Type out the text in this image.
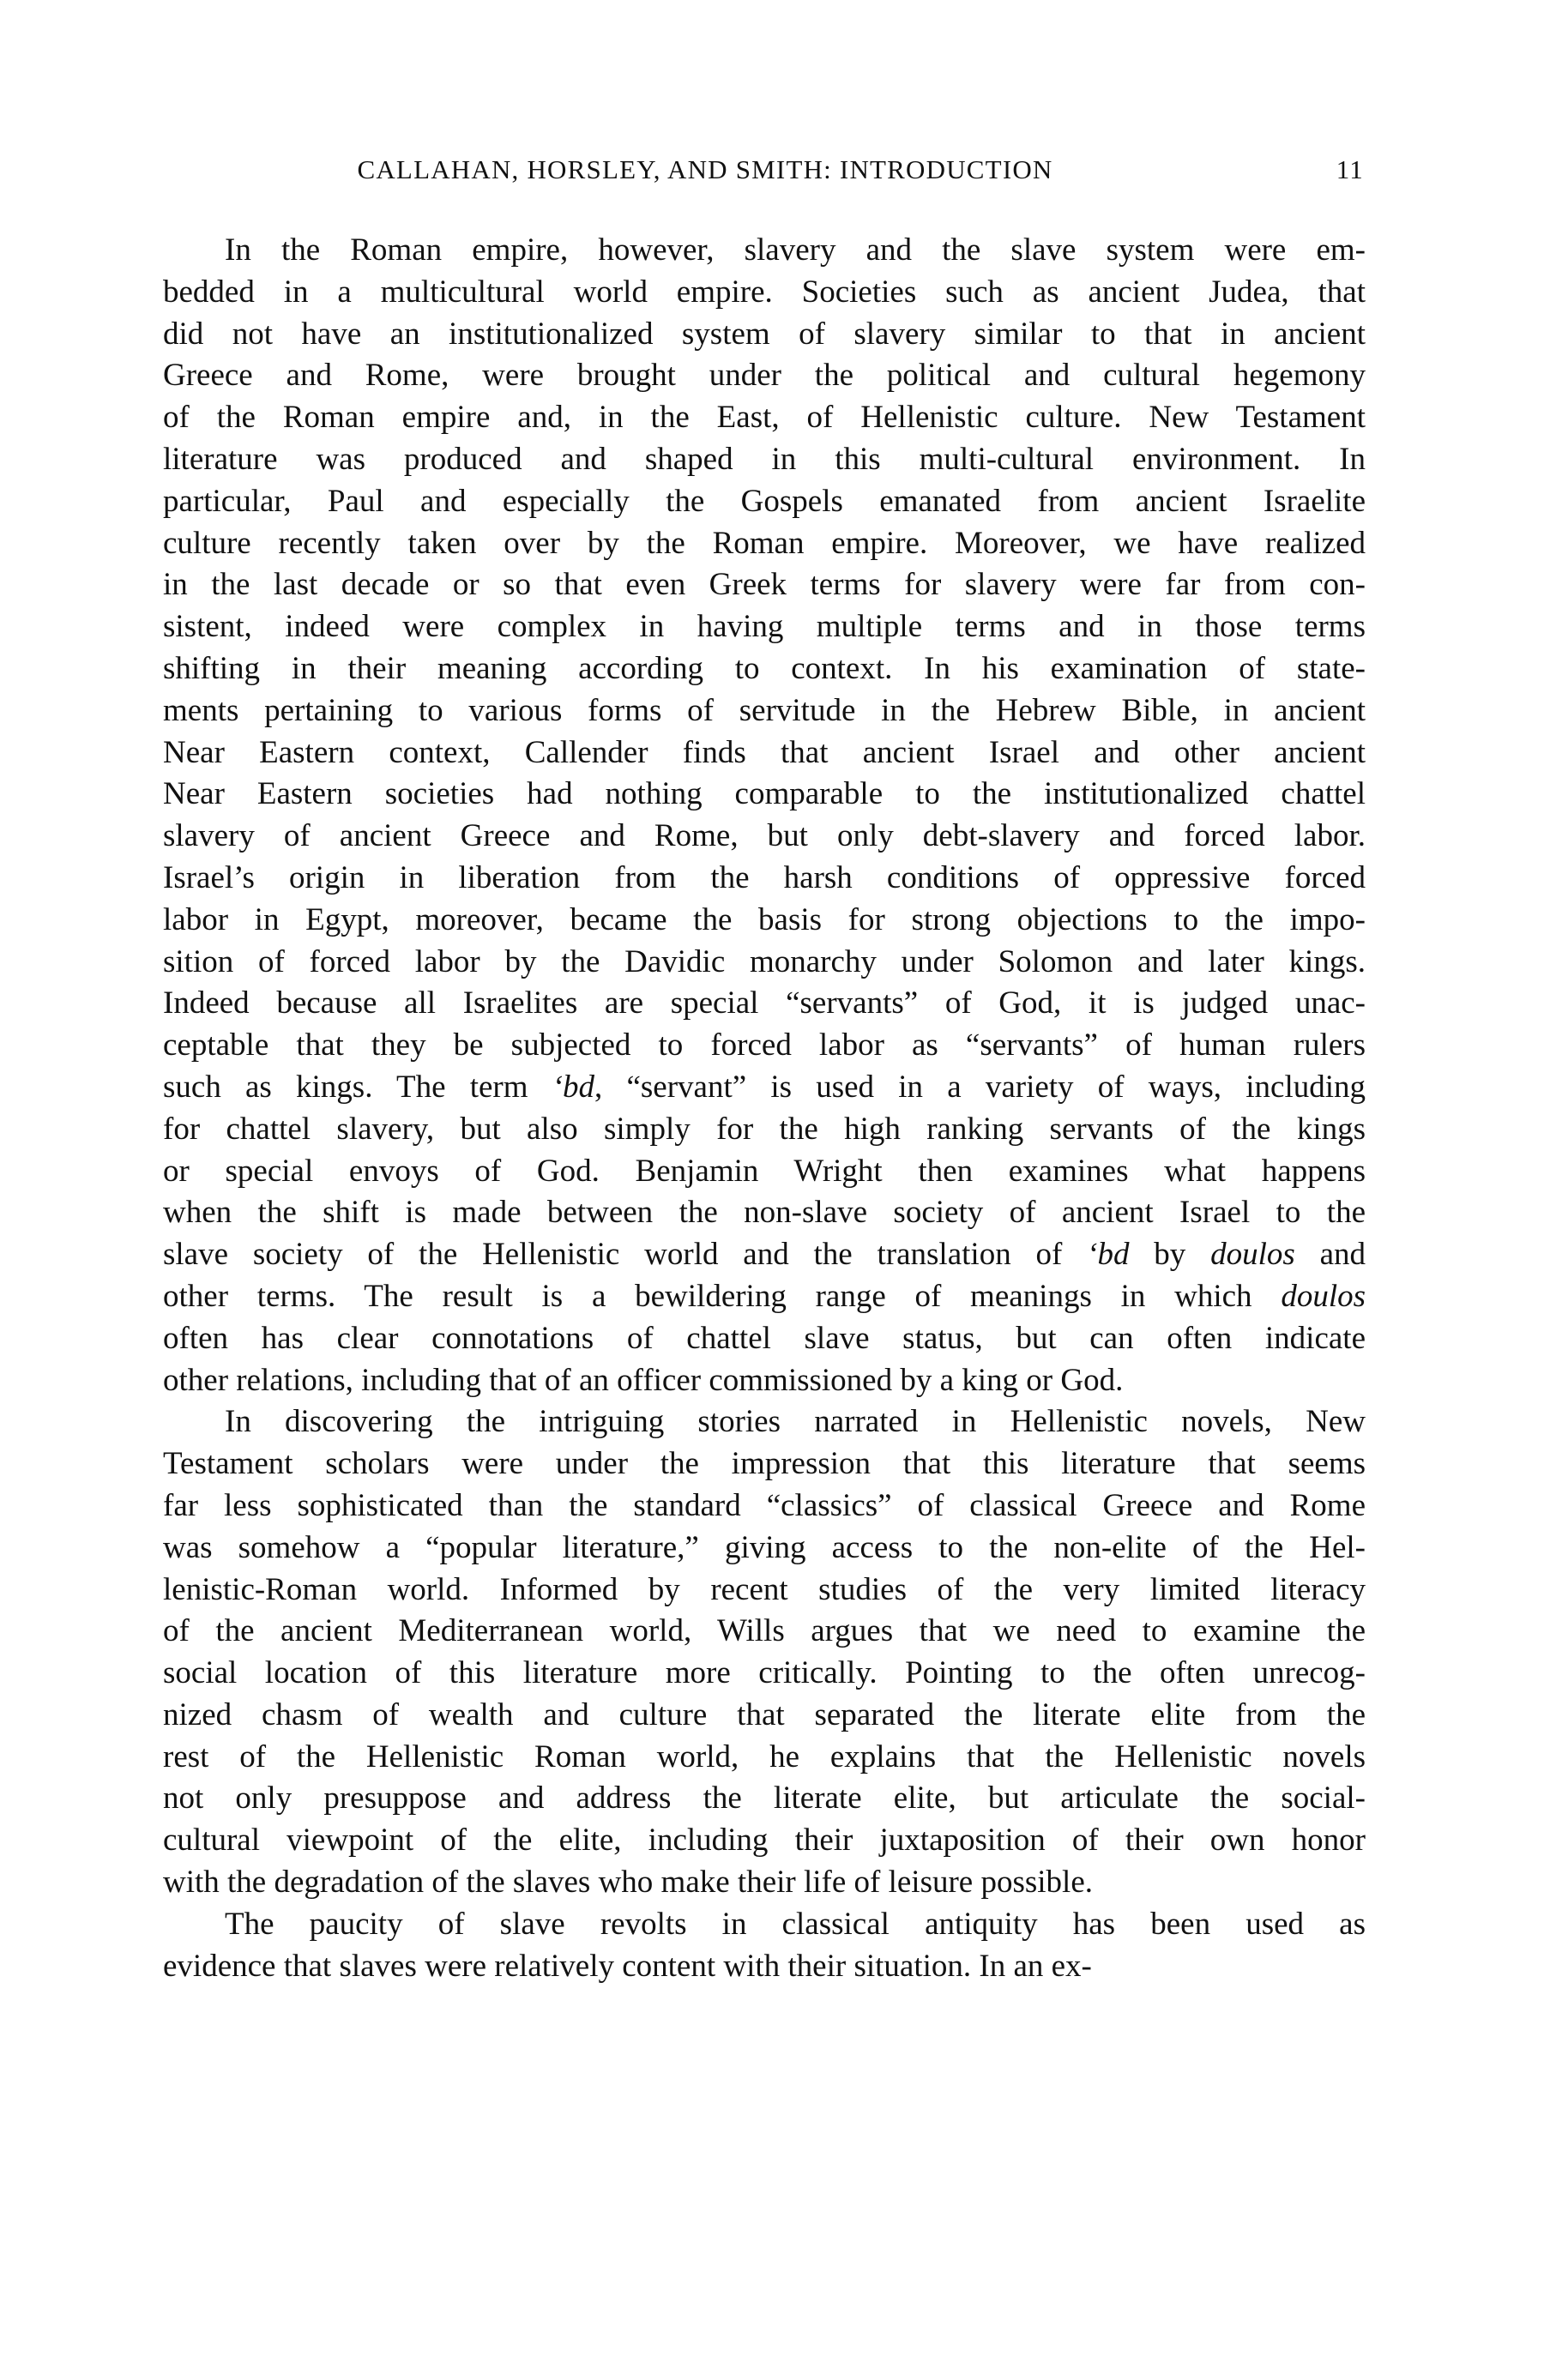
CALLAHAN, HORSLEY, AND SMITH: INTRODUCTION	11

In the Roman empire, however, slavery and the slave system were em-
bedded in a multicultural world empire. Societies such as ancient Judea, that
did not have an institutionalized system of slavery similar to that in ancient
Greece and Rome, were brought under the political and cultural hegemony
of the Roman empire and, in the East, of Hellenistic culture. New Testament
literature was produced and shaped in this multi-cultural environment. In
particular, Paul and especially the Gospels emanated from ancient Israelite
culture recently taken over by the Roman empire. Moreover, we have realized
in the last decade or so that even Greek terms for slavery were far from con-
sistent, indeed were complex in having multiple terms and in those terms
shifting in their meaning according to context. In his examination of state-
ments pertaining to various forms of servitude in the Hebrew Bible, in ancient
Near Eastern context, Callender finds that ancient Israel and other ancient
Near Eastern societies had nothing comparable to the institutionalized chattel
slavery of ancient Greece and Rome, but only debt-slavery and forced labor.
Israel’s origin in liberation from the harsh conditions of oppressive forced
labor in Egypt, moreover, became the basis for strong objections to the impo-
sition of forced labor by the Davidic monarchy under Solomon and later kings.
Indeed because all Israelites are special “servants” of God, it is judged unac-
ceptable that they be subjected to forced labor as “servants” of human rulers
such as kings. The term ‘bd, “servant” is used in a variety of ways, including
for chattel slavery, but also simply for the high ranking servants of the kings
or special envoys of God. Benjamin Wright then examines what happens
when the shift is made between the non-slave society of ancient Israel to the
slave society of the Hellenistic world and the translation of ‘bd by doulos and
other terms. The result is a bewildering range of meanings in which doulos
often has clear connotations of chattel slave status, but can often indicate
other relations, including that of an officer commissioned by a king or God.

In discovering the intriguing stories narrated in Hellenistic novels, New
Testament scholars were under the impression that this literature that seems
far less sophisticated than the standard “classics” of classical Greece and Rome
was somehow a “popular literature,” giving access to the non-elite of the Hel-
lenistic-Roman world. Informed by recent studies of the very limited literacy
of the ancient Mediterranean world, Wills argues that we need to examine the
social location of this literature more critically. Pointing to the often unrecog-
nized chasm of wealth and culture that separated the literate elite from the
rest of the Hellenistic Roman world, he explains that the Hellenistic novels
not only presuppose and address the literate elite, but articulate the social-
cultural viewpoint of the elite, including their juxtaposition of their own honor
with the degradation of the slaves who make their life of leisure possible.

The paucity of slave revolts in classical antiquity has been used as
evidence that slaves were relatively content with their situation. In an ex-
